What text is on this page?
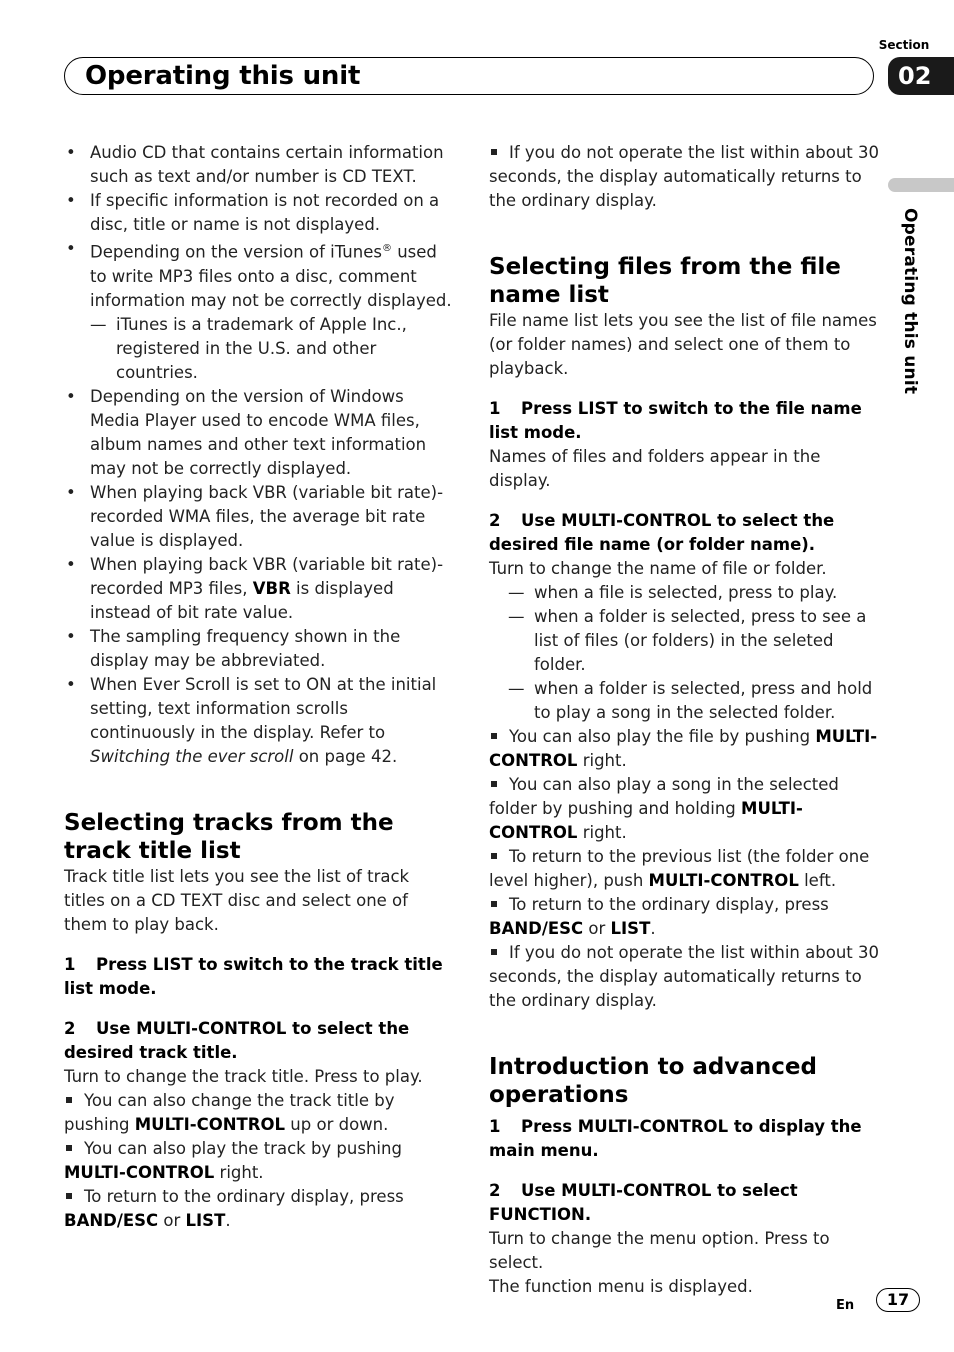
Section
Operating this unit	02
Operating this unit
• Audio CD that contains certain information such as text and/or number is CD TEXT.
• If specific information is not recorded on a disc, title or name is not displayed.
• Depending on the version of iTunes® used to write MP3 files onto a disc, comment information may not be correctly displayed.
— iTunes is a trademark of Apple Inc., registered in the U.S. and other countries.
• Depending on the version of Windows Media Player used to encode WMA files, album names and other text information may not be correctly displayed.
• When playing back VBR (variable bit rate)-recorded WMA files, the average bit rate value is displayed.
• When playing back VBR (variable bit rate)-recorded MP3 files, VBR is displayed instead of bit rate value.
• The sampling frequency shown in the display may be abbreviated.
• When Ever Scroll is set to ON at the initial setting, text information scrolls continuously in the display. Refer to Switching the ever scroll on page 42.
Selecting tracks from the track title list

Track title list lets you see the list of track titles on a CD TEXT disc and select one of them to play back.

1 Press LIST to switch to the track title list mode.

2 Use MULTI-CONTROL to select the desired track title.

Turn to change the track title. Press to play.

You can also change the track title by pushing MULTI-CONTROL up or down.

You can also play the track by pushing MULTI-CONTROL right.

To return to the ordinary display, press BAND/ESC or LIST.

If you do not operate the list within about 30 seconds, the display automatically returns to the ordinary display.

Selecting files from the file name list

File name list lets you see the list of file names (or folder names) and select one of them to playback.

1 Press LIST to switch to the file name list mode.

Names of files and folders appear in the display.

2 Use MULTI-CONTROL to select the desired file name (or folder name).

Turn to change the name of file or folder.

— when a file is selected, press to play.
— when a folder is selected, press to see a list of files (or folders) in the seleted folder.
— when a folder is selected, press and hold to play a song in the selected folder.

You can also play the file by pushing MULTI-CONTROL right.

You can also play a song in the selected folder by pushing and holding MULTI-CONTROL right.

To return to the previous list (the folder one level higher), push MULTI-CONTROL left.

To return to the ordinary display, press BAND/ESC or LIST.

If you do not operate the list within about 30 seconds, the display automatically returns to the ordinary display.

Introduction to advanced operations

1 Press MULTI-CONTROL to display the main menu.

2 Use MULTI-CONTROL to select FUNCTION.

Turn to change the menu option. Press to select.

The function menu is displayed.

En	17
